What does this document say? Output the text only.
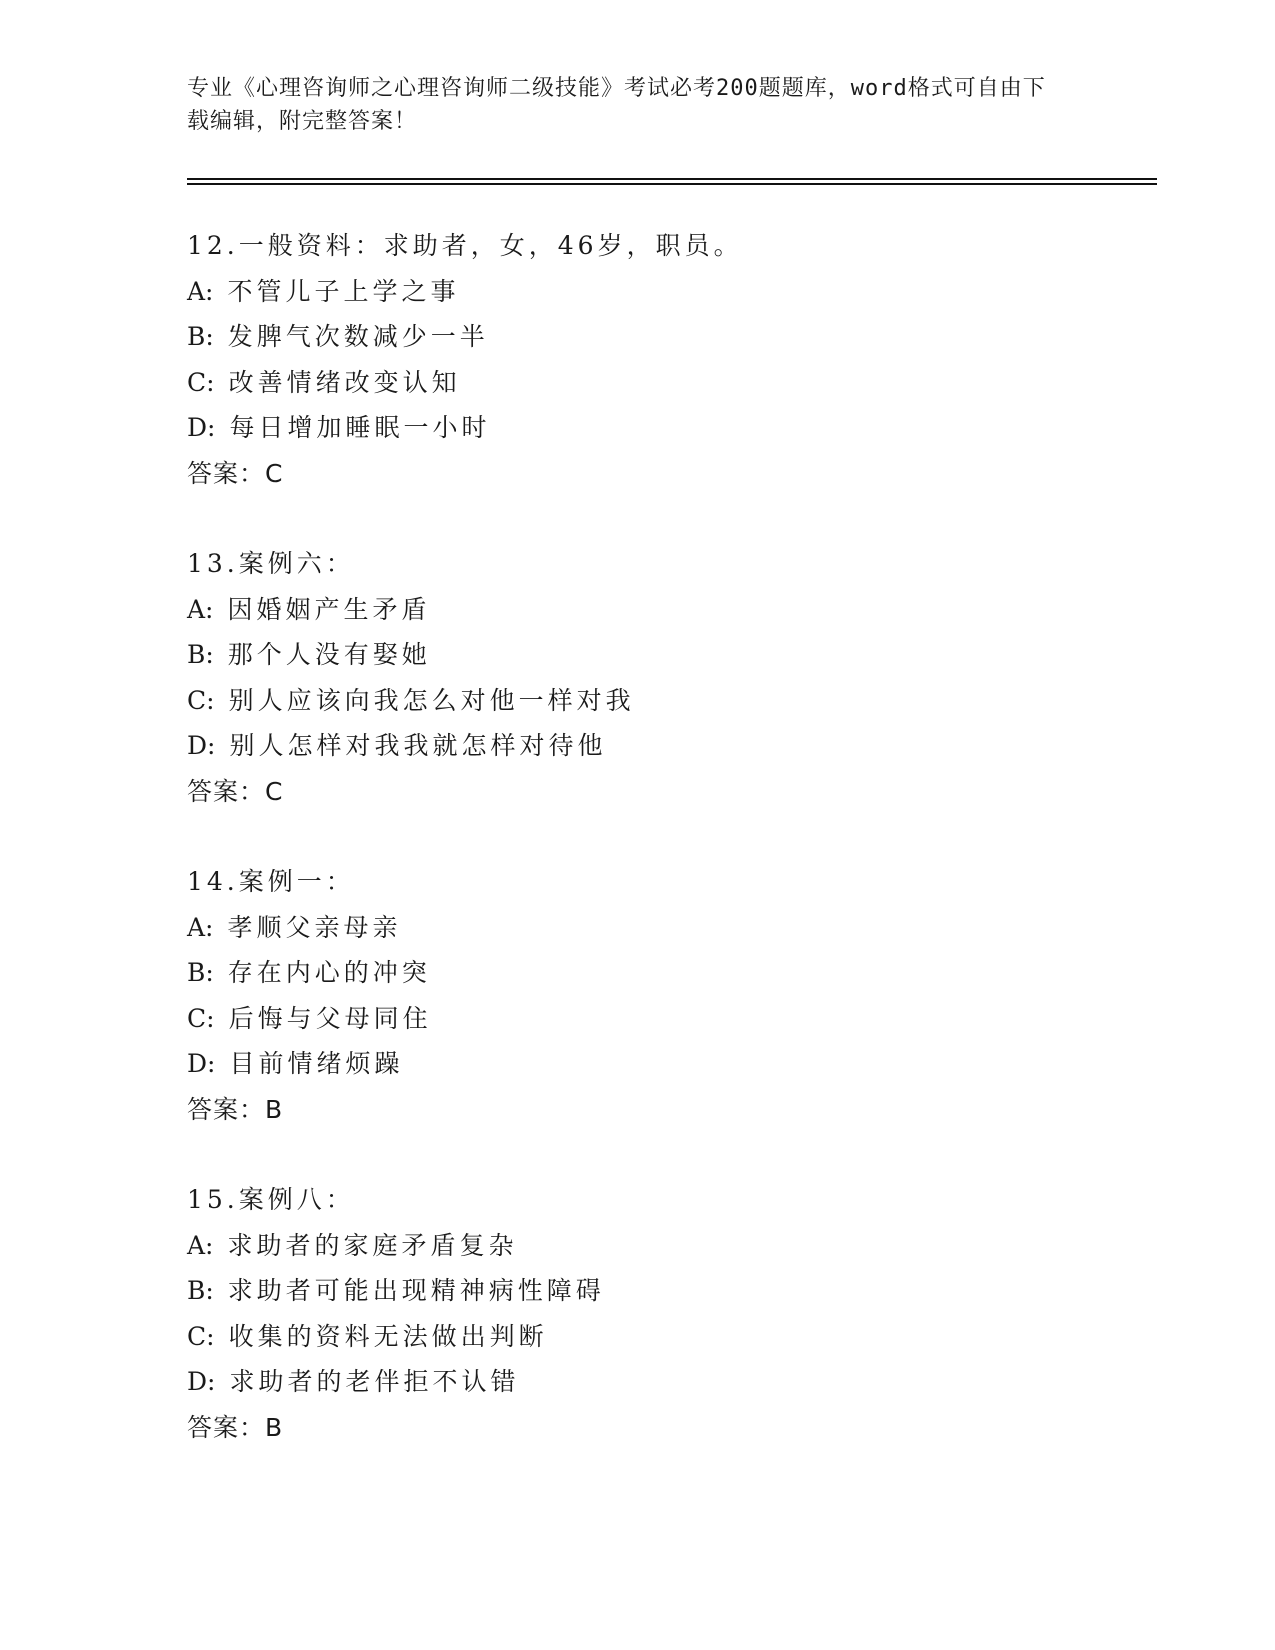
专业《心理咨询师之心理咨询师二级技能》考试必考200题题库，word格式可自由下载编辑，附完整答案！
12.一般资料：求助者，女，46岁，职员。
A: 不管儿子上学之事
B: 发脾气次数减少一半
C: 改善情绪改变认知
D: 每日增加睡眠一小时
答案：C
13.案例六：
A: 因婚姻产生矛盾
B: 那个人没有娶她
C: 别人应该向我怎么对他一样对我
D: 别人怎样对我我就怎样对待他
答案：C
14.案例一：
A: 孝顺父亲母亲
B: 存在内心的冲突
C: 后悔与父母同住
D: 目前情绪烦躁
答案：B
15.案例八：
A: 求助者的家庭矛盾复杂
B: 求助者可能出现精神病性障碍
C: 收集的资料无法做出判断
D: 求助者的老伴拒不认错
答案：B
